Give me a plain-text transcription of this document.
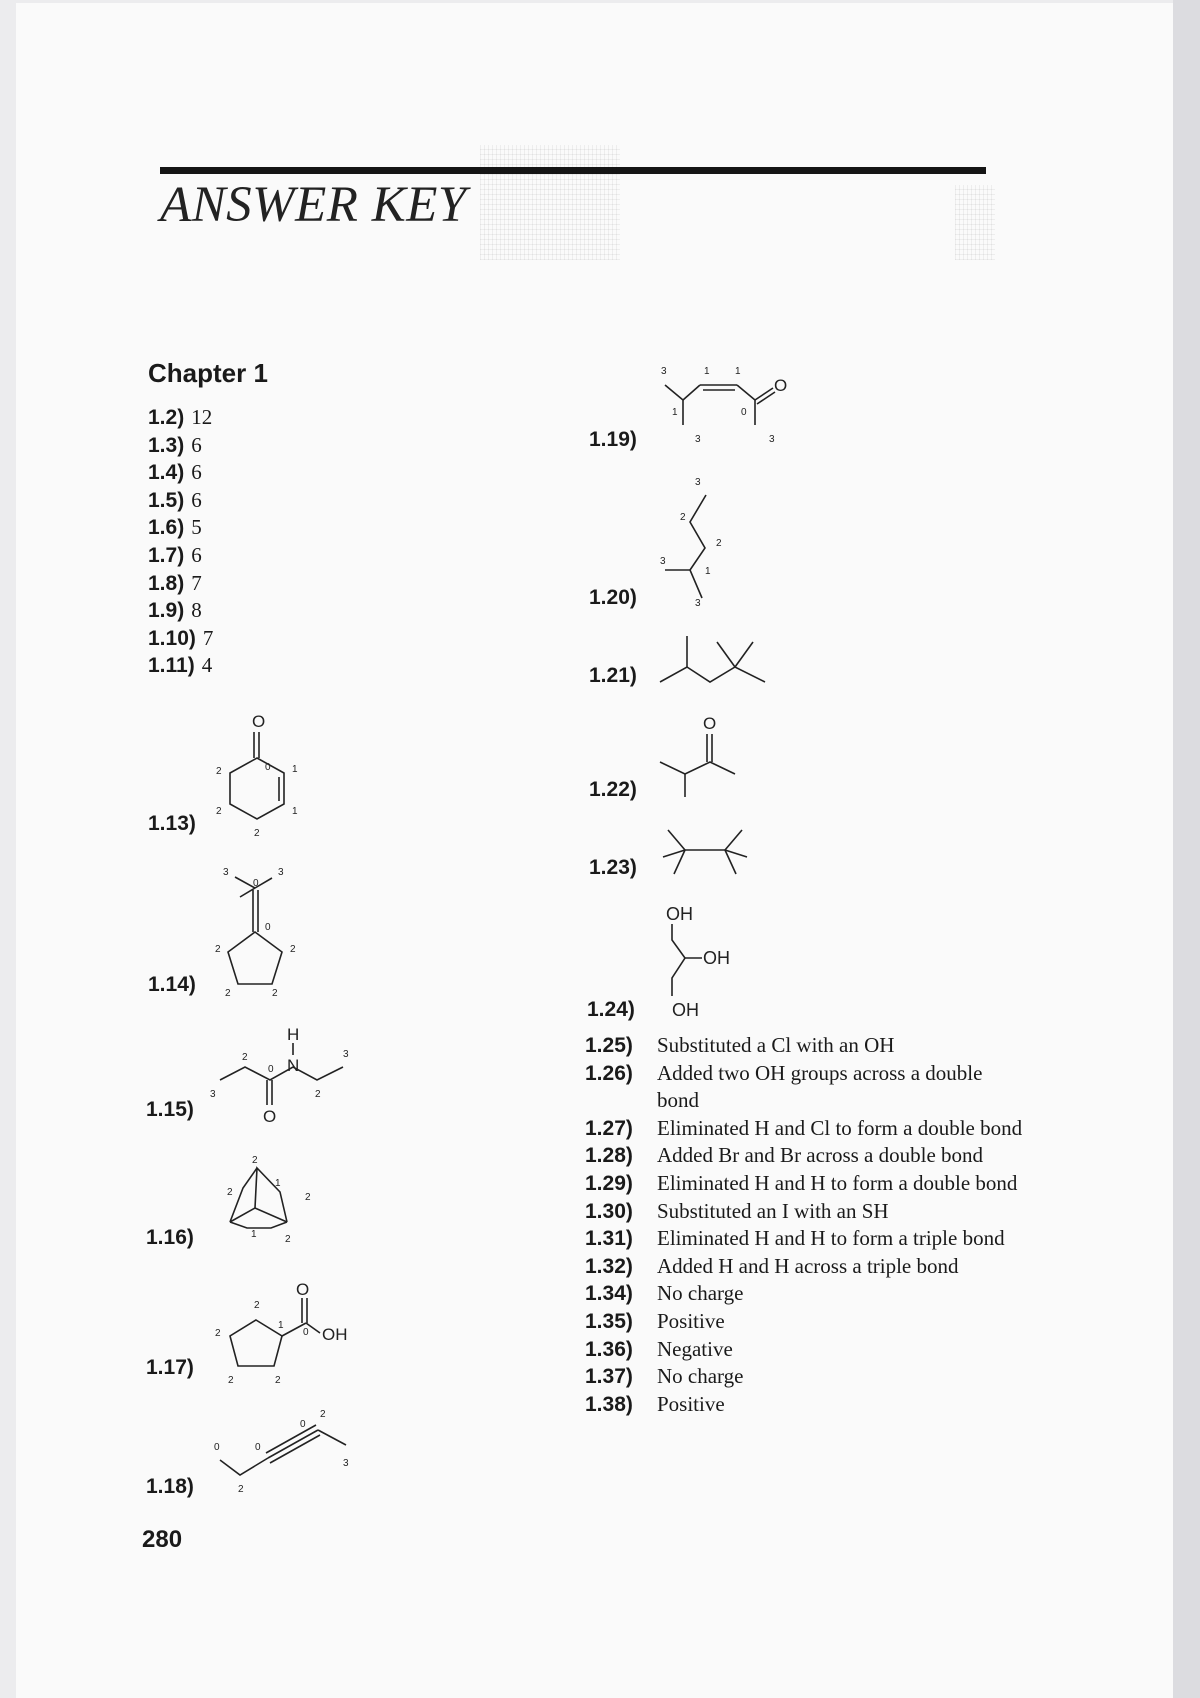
ANSWER KEY
Chapter 1
1.2) 12
1.3) 6
1.4) 6
1.5) 6
1.6) 5
1.7) 6
1.8) 7
1.9) 8
1.10) 7
1.11) 4
1.13)
O
0
2	1
2	1
2
1.14)
3
0
3
0
2	2
2	2
1.15)
H
N
O
2
0
3
3
2
1.16)
2
1
2	2
1	2
1.17)
O
OH
2
1
0
2
2	2
1.18)
0	0
0
2
3
2
1.19)
O
3	1	1
1	0
3	3
1.20)
3
2
2
1
3
3
1.21)
1.22)
O
1.23)
1.24)
OH
OH
OH
1.25)	Substituted a Cl with an OH
1.26)	Added two OH groups across a double bond
1.27)	Eliminated H and Cl to form a double bond
1.28)	Added Br and Br across a double bond
1.29)	Eliminated H and H to form a double bond
1.30)	Substituted an I with an SH
1.31)	Eliminated H and H to form a triple bond
1.32)	Added H and H across a triple bond
1.34)	No charge
1.35)	Positive
1.36)	Negative
1.37)	No charge
1.38)	Positive
280
